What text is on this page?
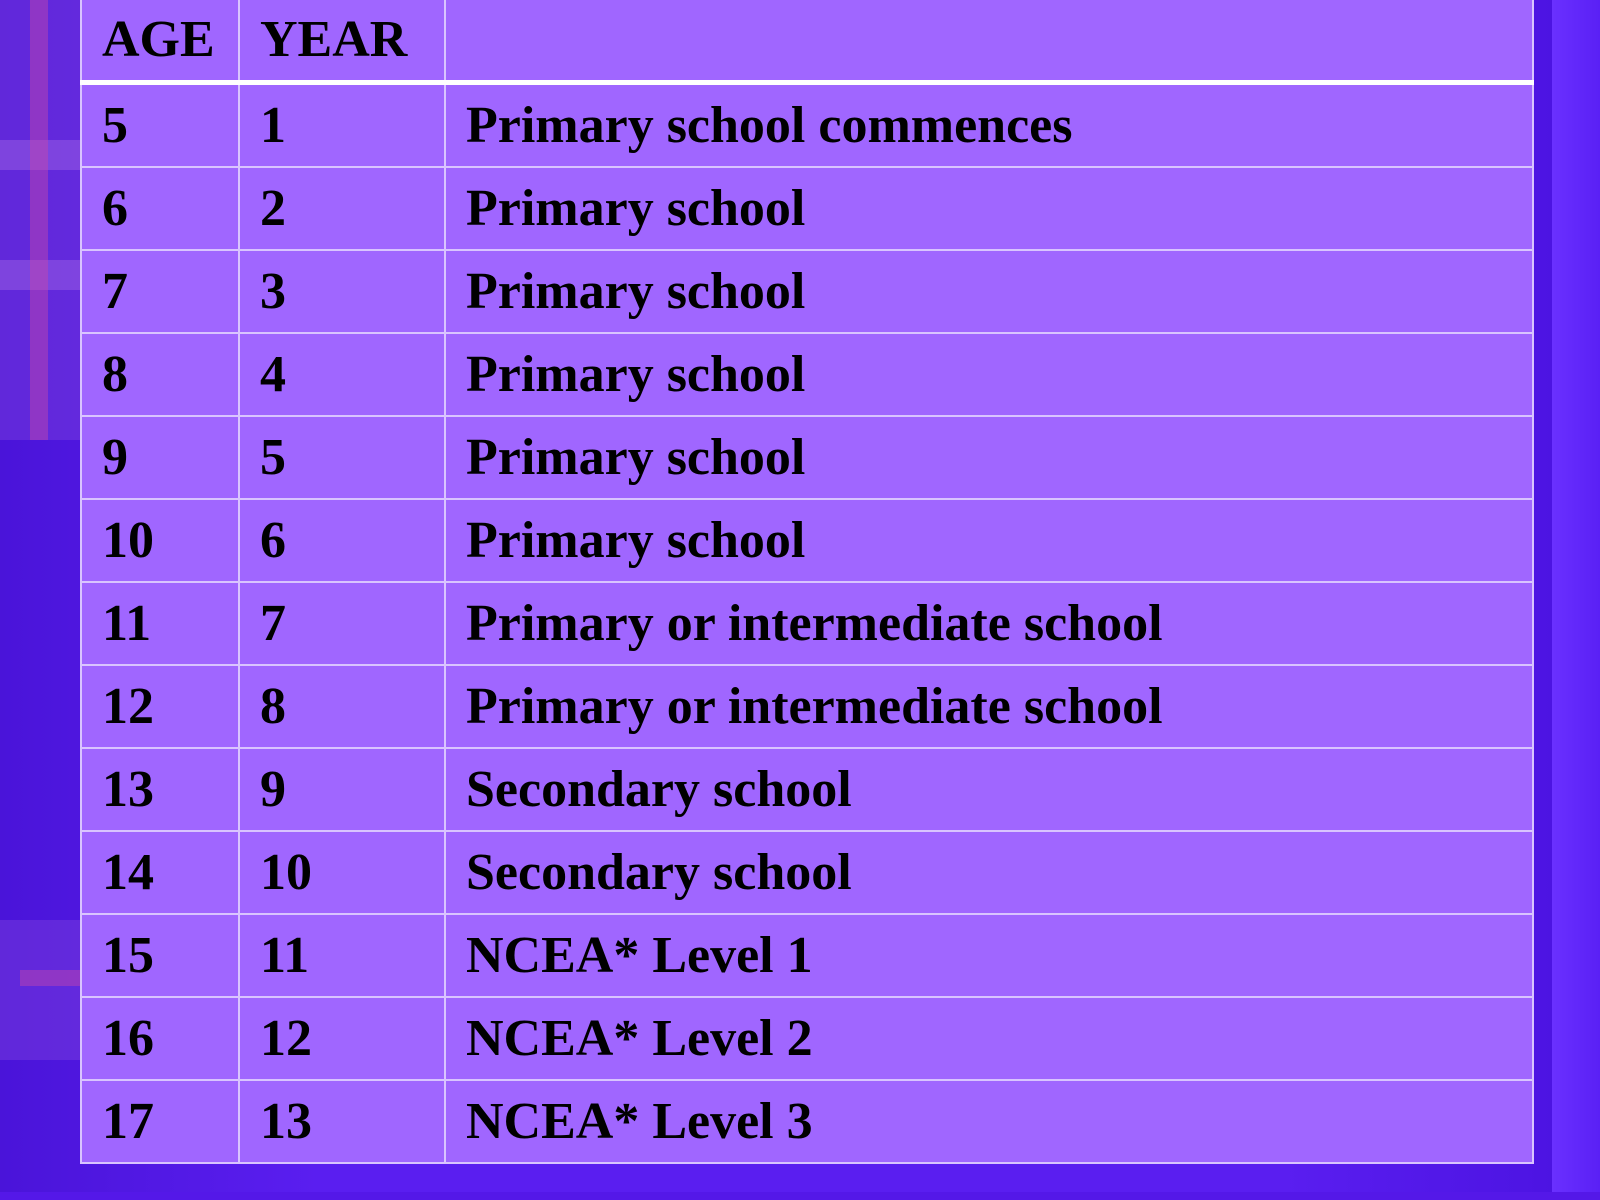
AGE	YEAR	
5	1	Primary school commences
6	2	Primary school
7	3	Primary school
8	4	Primary school
9	5	Primary school
10	6	Primary school
11	7	Primary or intermediate school
12	8	Primary or intermediate school
13	9	Secondary school
14	10	Secondary school
15	11	NCEA* Level 1
16	12	NCEA* Level 2
17	13	NCEA* Level 3
